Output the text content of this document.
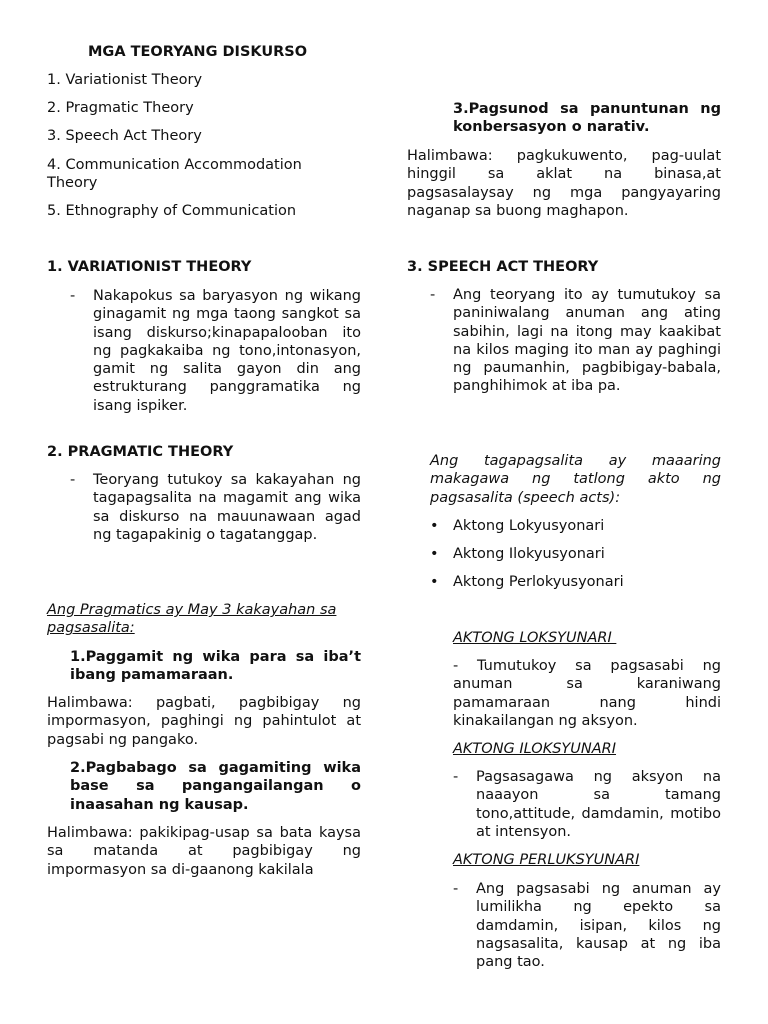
MGA TEORYANG DISKURSO
1. Variationist Theory
2. Pragmatic Theory
3. Speech Act Theory
4. Communication Accommodation Theory
5. Ethnography of Communication
1. VARIATIONIST THEORY
- Nakapokus sa baryasyon ng wikang ginagamit ng mga taong sangkot sa isang diskurso;kinapapalooban ito ng pagkakaiba ng tono,intonasyon, gamit ng salita gayon din ang estrukturang panggramatika ng isang ispiker.
2. PRAGMATIC THEORY
- Teoryang tutukoy sa kakayahan ng tagapagsalita na magamit ang wika sa diskurso na mauunawaan agad ng tagapakinig o tagatanggap.
Ang Pragmatics ay May 3 kakayahan sa pagsasalita:
1.Paggamit ng wika para sa iba’t ibang pamamaraan.
Halimbawa: pagbati, pagbibigay ng impormasyon, paghingi ng pahintulot at pagsabi ng pangako.
2.Pagbabago sa gagamiting wika base sa pangangailangan o inaasahan ng kausap.
Halimbawa: pakikipag-usap sa bata kaysa sa matanda at pagbibigay ng impormasyon sa di-gaanong kakilala
3.Pagsunod sa panuntunan ng konbersasyon o narativ.
Halimbawa: pagkukuwento, pag-uulat hinggil sa aklat na binasa,at pagsasalaysay ng mga pangyayaring naganap sa buong maghapon.
3. SPEECH ACT THEORY
- Ang teoryang ito ay tumutukoy sa paniniwalang anuman ang ating sabihin, lagi na itong may kaakibat na kilos maging ito man ay paghingi ng paumanhin, pagbibigay-babala, panghihimok at iba pa.
Ang tagapagsalita ay maaaring makagawa ng tatlong akto ng pagsasalita (speech acts):
• Aktong Lokyusyonari
• Aktong Ilokyusyonari
• Aktong Perlokyusyonari
AKTONG LOKSYUNARI
- Tumutukoy sa pagsasabi ng anuman sa karaniwang pamamaraan nang hindi kinakailangan ng aksyon.
AKTONG ILOKSYUNARI
- Pagsasagawa ng aksyon na naaayon sa tamang tono,attitude, damdamin, motibo at intensyon.
AKTONG PERLUKSYUNARI
- Ang pagsasabi ng anuman ay lumilikha ng epekto sa damdamin, isipan, kilos ng nagsasalita, kausap at ng iba pang tao.
